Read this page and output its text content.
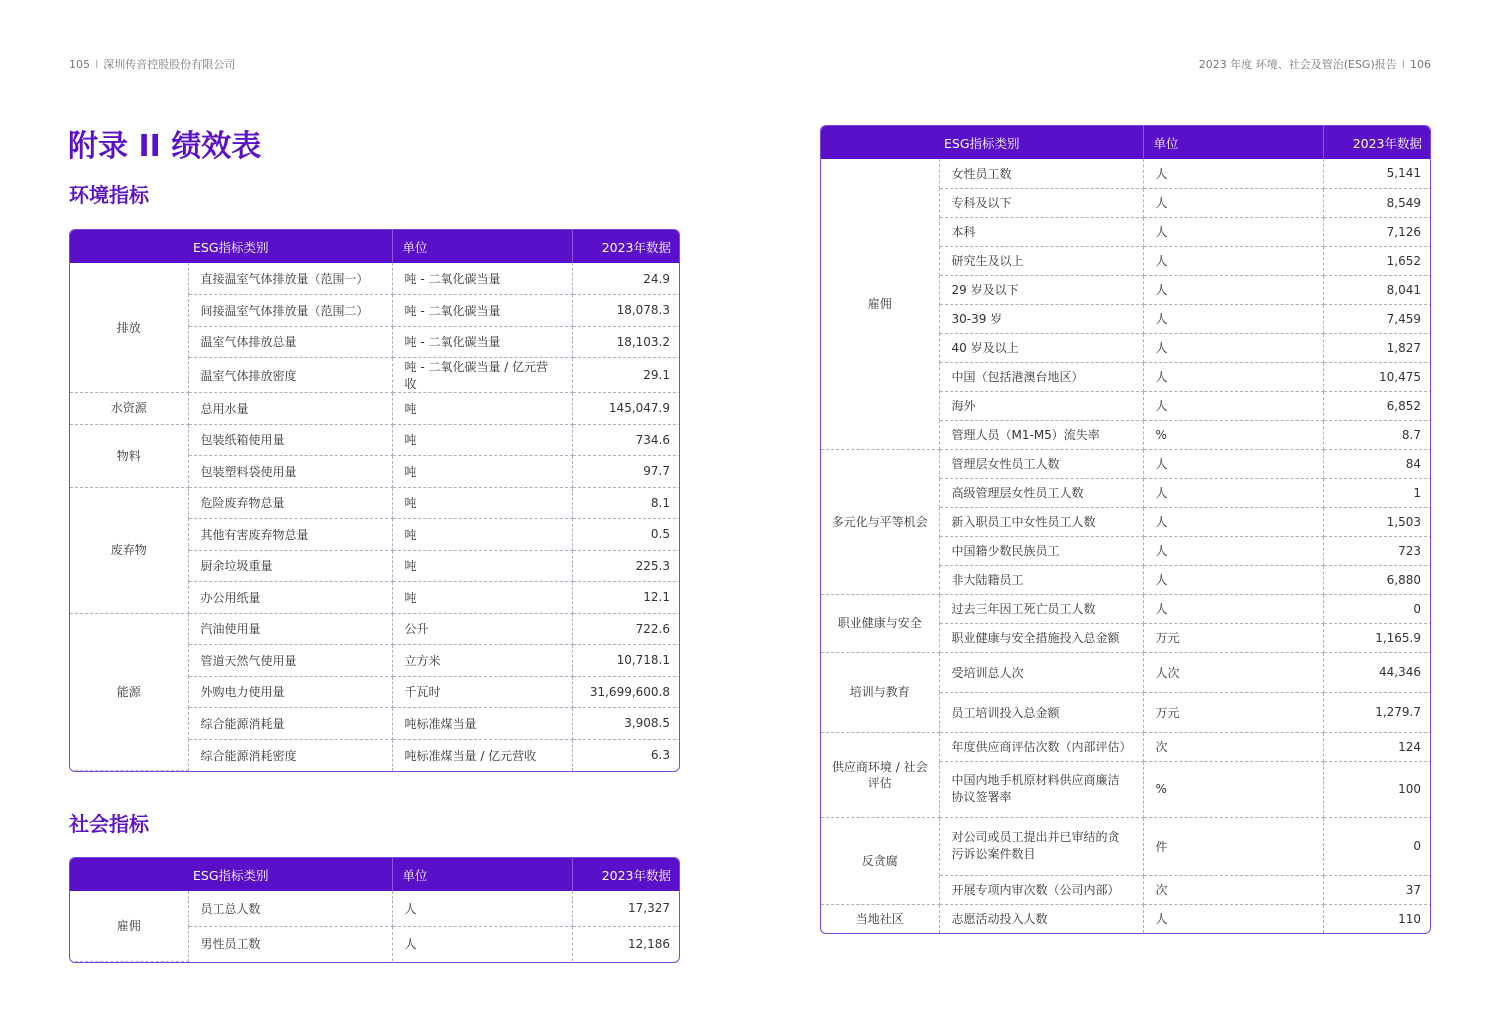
105 I 深圳传音控股股份有限公司	2023 年度 环境、社会及管治(ESG)报告 I 106
附录 II 绩效表
环境指标
社会指标
ESG指标类别		单位	2023年数据
排放	直接温室气体排放量（范围一）	吨 - 二氧化碳当量	24.9
	间接温室气体排放量（范围二）	吨 - 二氧化碳当量	18,078.3
	温室气体排放总量	吨 - 二氧化碳当量	18,103.2
	温室气体排放密度	吨 - 二氧化碳当量 / 亿元营收	29.1
水资源	总用水量	吨	145,047.9
物料	包装纸箱使用量	吨	734.6
	包装塑料袋使用量	吨	97.7
废弃物	危险废弃物总量	吨	8.1
	其他有害废弃物总量	吨	0.5
	厨余垃圾重量	吨	225.3
	办公用纸量	吨	12.1
能源	汽油使用量	公升	722.6
	管道天然气使用量	立方米	10,718.1
	外购电力使用量	千瓦时	31,699,600.8
	综合能源消耗量	吨标准煤当量	3,908.5
	综合能源消耗密度	吨标准煤当量 / 亿元营收	6.3
ESG指标类别		单位	2023年数据
雇佣	员工总人数	人	17,327
	男性员工数	人	12,186
ESG指标类别		单位	2023年数据
雇佣	女性员工数	人	5,141
	专科及以下	人	8,549
	本科	人	7,126
	研究生及以上	人	1,652
	29 岁及以下	人	8,041
	30-39 岁	人	7,459
	40 岁及以上	人	1,827
	中国（包括港澳台地区）	人	10,475
	海外	人	6,852
	管理人员（M1-M5）流失率	%	8.7
多元化与平等机会	管理层女性员工人数	人	84
	高级管理层女性员工人数	人	1
	新入职员工中女性员工人数	人	1,503
	中国籍少数民族员工	人	723
	非大陆籍员工	人	6,880
职业健康与安全	过去三年因工死亡员工人数	人	0
	职业健康与安全措施投入总金额	万元	1,165.9
培训与教育	受培训总人次	人次	44,346
	员工培训投入总金额	万元	1,279.7
供应商环境 / 社会评估	年度供应商评估次数（内部评估）	次	124
	中国内地手机原材料供应商廉洁协议签署率	%	100
反贪腐	对公司或员工提出并已审结的贪污诉讼案件数目	件	0
	开展专项内审次数（公司内部）	次	37
当地社区	志愿活动投入人数	人	110
